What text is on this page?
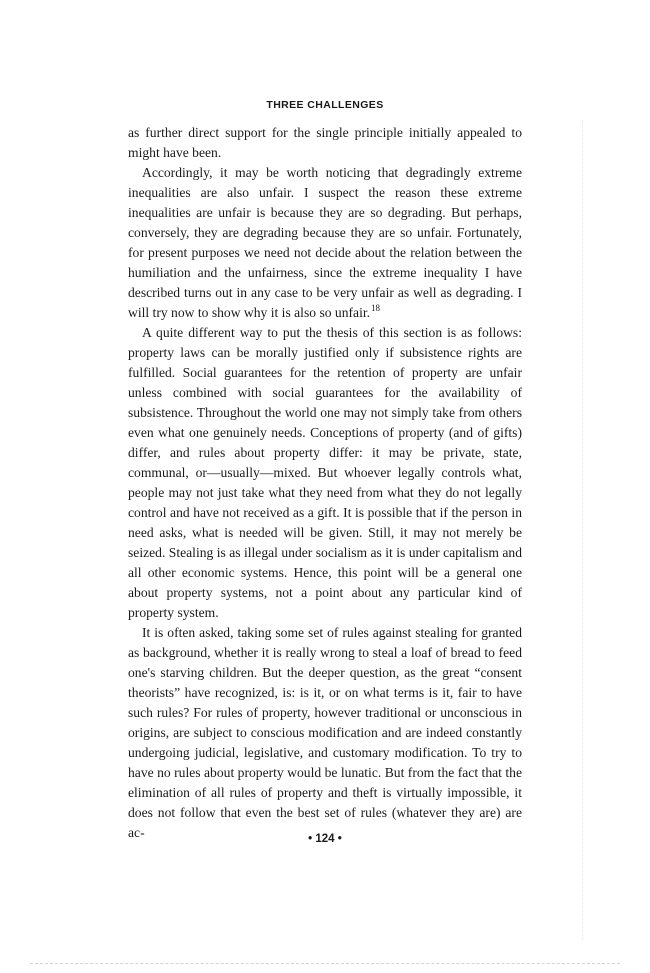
THREE CHALLENGES

as further direct support for the single principle initially appealed to might have been.

Accordingly, it may be worth noticing that degradingly extreme inequalities are also unfair. I suspect the reason these extreme inequalities are unfair is because they are so degrading. But perhaps, conversely, they are degrading because they are so unfair. Fortunately, for present purposes we need not decide about the relation between the humiliation and the unfairness, since the extreme inequality I have described turns out in any case to be very unfair as well as degrading. I will try now to show why it is also so unfair.$^{18}$

A quite different way to put the thesis of this section is as follows: property laws can be morally justified only if subsistence rights are fulfilled. Social guarantees for the retention of property are unfair unless combined with social guarantees for the availability of subsistence. Throughout the world one may not simply take from others even what one genuinely needs. Conceptions of property (and of gifts) differ, and rules about property differ: it may be private, state, communal, or—usually—mixed. But whoever legally controls what, people may not just take what they need from what they do not legally control and have not received as a gift. It is possible that if the person in need asks, what is needed will be given. Still, it may not merely be seized. Stealing is as illegal under socialism as it is under capitalism and all other economic systems. Hence, this point will be a general one about property systems, not a point about any particular kind of property system.

It is often asked, taking some set of rules against stealing for granted as background, whether it is really wrong to steal a loaf of bread to feed one's starving children. But the deeper question, as the great “consent theorists” have recognized, is: is it, or on what terms is it, fair to have such rules? For rules of property, however traditional or unconscious in origins, are subject to conscious modification and are indeed constantly undergoing judicial, legislative, and customary modification. To try to have no rules about property would be lunatic. But from the fact that the elimination of all rules of property and theft is virtually impossible, it does not follow that even the best set of rules (whatever they are) are ac-	• 124 •
